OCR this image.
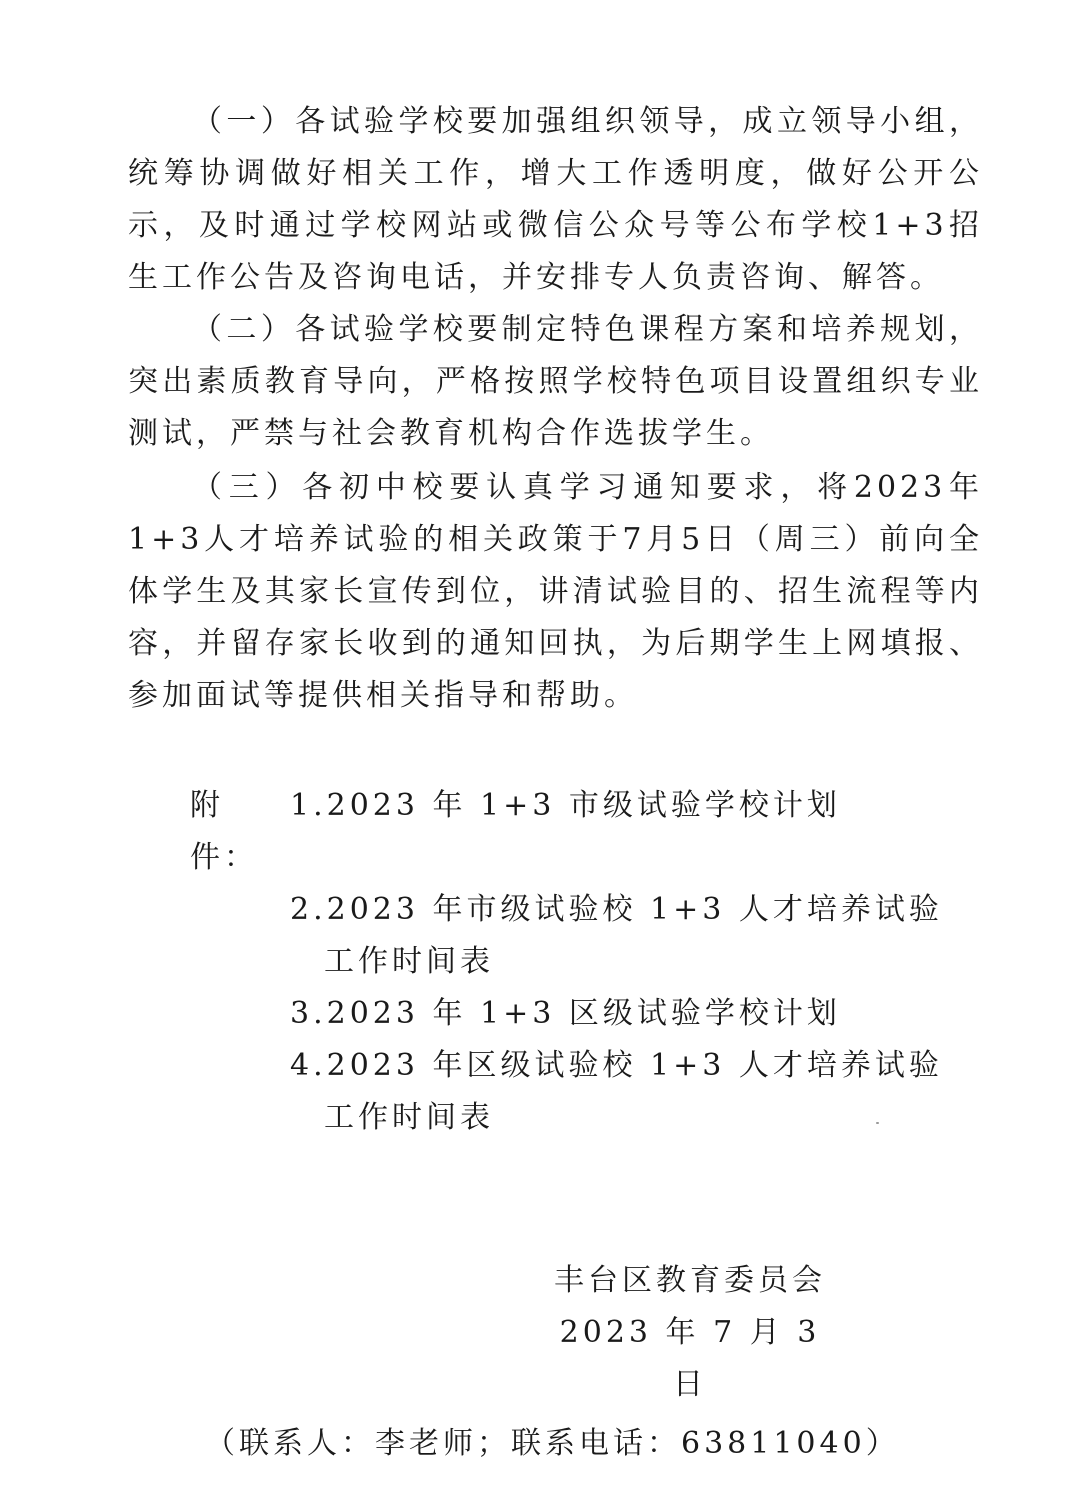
（一）各试验学校要加强组织领导，成立领导小组，统筹协调做好相关工作，增大工作透明度，做好公开公示，及时通过学校网站或微信公众号等公布学校1+3招生工作公告及咨询电话，并安排专人负责咨询、解答。

（二）各试验学校要制定特色课程方案和培养规划，突出素质教育导向，严格按照学校特色项目设置组织专业测试，严禁与社会教育机构合作选拔学生。

（三）各初中校要认真学习通知要求，将2023年1+3人才培养试验的相关政策于7月5日（周三）前向全体学生及其家长宣传到位，讲清试验目的、招生流程等内容，并留存家长收到的通知回执，为后期学生上网填报、参加面试等提供相关指导和帮助。

附件：
1.2023 年 1+3 市级试验学校计划
2.2023 年市级试验校 1+3 人才培养试验工作时间表
3.2023 年 1+3 区级试验学校计划
4.2023 年区级试验校 1+3 人才培养试验工作时间表
丰台区教育委员会
2023 年 7 月 3 日
（联系人：李老师；联系电话：63811040）
